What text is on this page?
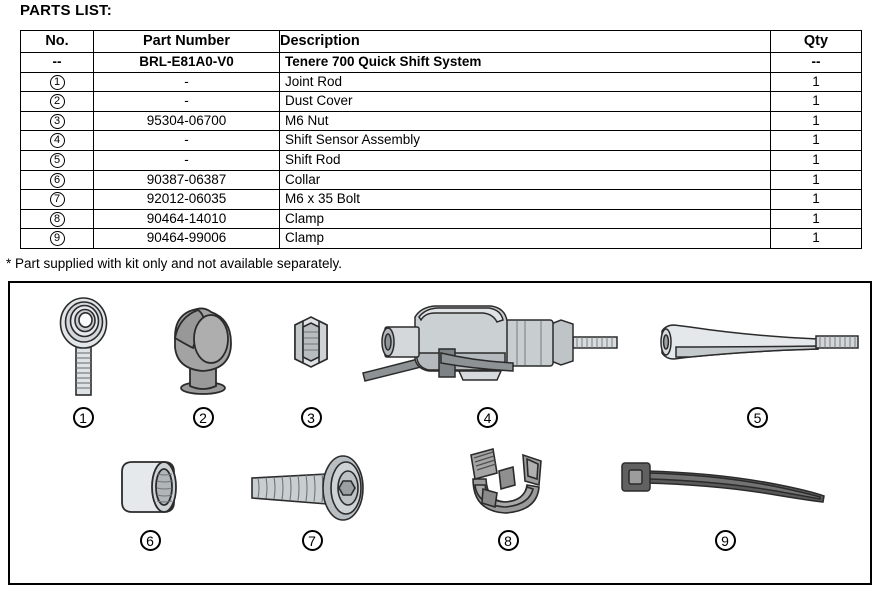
PARTS LIST:
No.	Part Number	Description	Qty
--	BRL-E81A0-V0	Tenere 700 Quick Shift System	--
1	-	Joint Rod	1
2	-	Dust Cover	1
3	95304-06700	M6 Nut	1
4	-	Shift Sensor Assembly	1
5	-	Shift Rod	1
6	90387-06387	Collar	1
7	92012-06035	M6 x 35 Bolt	1
8	90464-14010	Clamp	1
9	90464-99006	Clamp	1
* Part supplied with kit only and not available separately.
1	2	3	4	5
6	7	8	9
